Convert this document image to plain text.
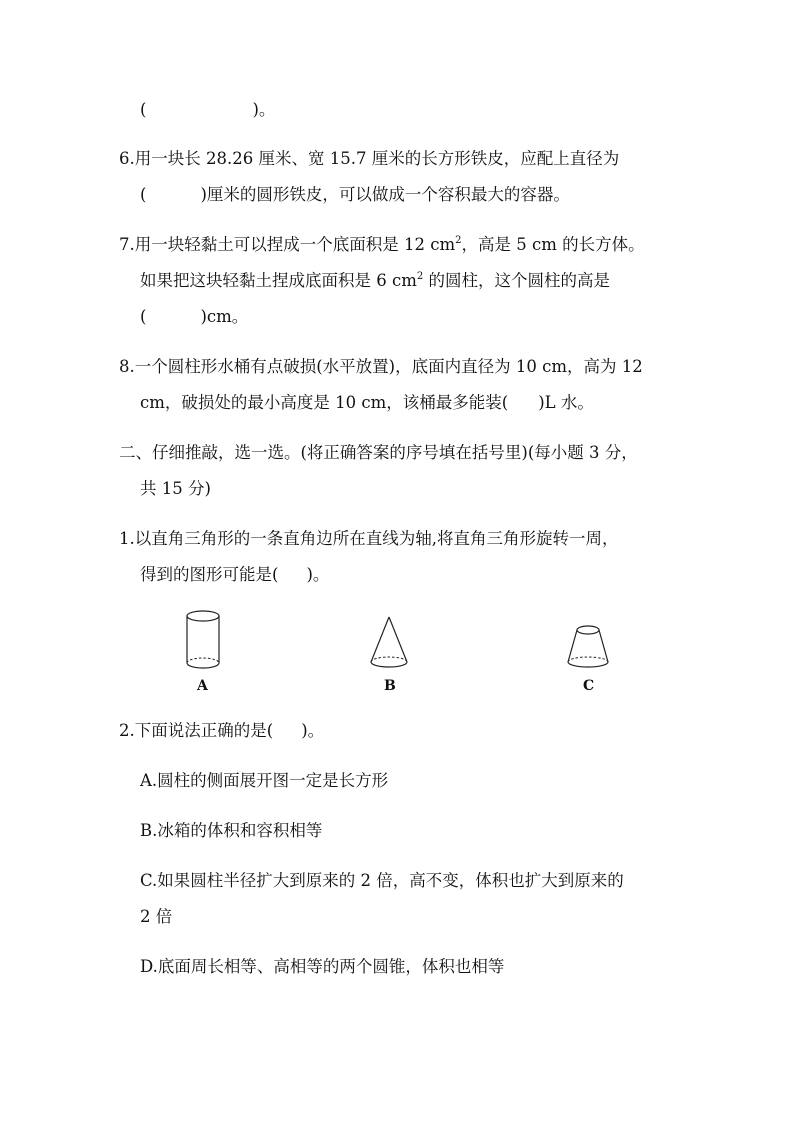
(	)。
6.用一块长 28.26 厘米、宽 15.7 厘米的长方形铁皮，应配上直径为
(	)厘米的圆形铁皮，可以做成一个容积最大的容器。
7.用一块轻黏土可以捏成一个底面积是 12 $cm^2$，高是 5 cm 的长方体。
如果把这块轻黏土捏成底面积是 6 $cm^2$ 的圆柱，这个圆柱的高是
(	)cm。
8.一个圆柱形水桶有点破损(水平放置)，底面内直径为 10 cm，高为 12
cm，破损处的最小高度是 10 cm，该桶最多能装( )L 水。
二、仔细推敲，选一选。(将正确答案的序号填在括号里)(每小题 3 分，
共 15 分)
1.以直角三角形的一条直角边所在直线为轴,将直角三角形旋转一周，
得到的图形可能是( )。
A	B	C
2.下面说法正确的是( )。
A.圆柱的侧面展开图一定是长方形
B.冰箱的体积和容积相等
C.如果圆柱半径扩大到原来的 2 倍，高不变，体积也扩大到原来的
2 倍
D.底面周长相等、高相等的两个圆锥，体积也相等
